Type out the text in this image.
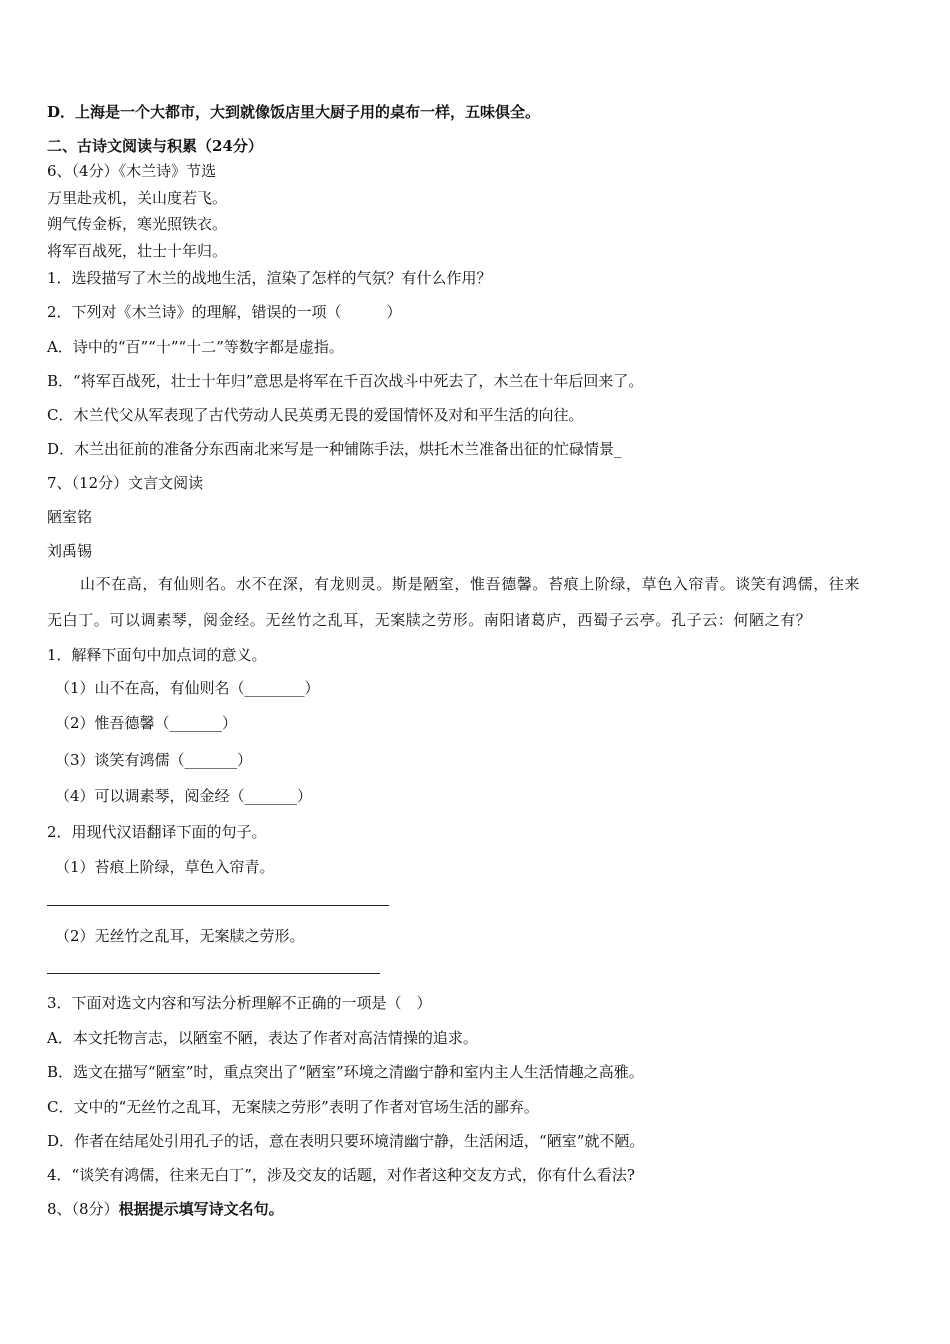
D．上海是一个大都市，大到就像饭店里大厨子用的桌布一样，五味俱全。
二、古诗文阅读与积累（24分）
6、（4分）《木兰诗》节选
万里赴戎机，关山度若飞。
朔气传金柝，寒光照铁衣。
将军百战死，壮士十年归。
1．选段描写了木兰的战地生活，渲染了怎样的气氛？有什么作用？
2．下列对《木兰诗》的理解，错误的一项（　　　）
A．诗中的“百”“十”“十二”等数字都是虚指。
B．“将军百战死，壮士十年归”意思是将军在千百次战斗中死去了，木兰在十年后回来了。
C．木兰代父从军表现了古代劳动人民英勇无畏的爱国情怀及对和平生活的向往。
D．木兰出征前的准备分东西南北来写是一种铺陈手法，烘托木兰准备出征的忙碌情景_
7、（12分）文言文阅读
陋室铭
刘禹锡
山不在高，有仙则名。水不在深，有龙则灵。斯是陋室，惟吾德馨。苔痕上阶绿，草色入帘青。谈笑有鸿儒，往来
无白丁。可以调素琴，阅金经。无丝竹之乱耳，无案牍之劳形。南阳诸葛庐，西蜀子云亭。孔子云：何陋之有？
1．解释下面句中加点词的意义。
（1）山不在高，有仙则名（________）
（2）惟吾德馨（_______）
（3）谈笑有鸿儒（_______）
（4）可以调素琴，阅金经（_______）
2．用现代汉语翻译下面的句子。
（1）苔痕上阶绿，草色入帘青。
（2）无丝竹之乱耳，无案牍之劳形。
3．下面对选文内容和写法分析理解不正确的一项是（　）
A．本文托物言志，以陋室不陋，表达了作者对高洁情操的追求。
B．选文在描写“陋室”时，重点突出了“陋室”环境之清幽宁静和室内主人生活情趣之高雅。
C．文中的“无丝竹之乱耳，无案牍之劳形”表明了作者对官场生活的鄙弃。
D．作者在结尾处引用孔子的话，意在表明只要环境清幽宁静，生活闲适，“陋室”就不陋。
4．“谈笑有鸿儒，往来无白丁”，涉及交友的话题，对作者这种交友方式，你有什么看法?
8、（8分）根据提示填写诗文名句。
